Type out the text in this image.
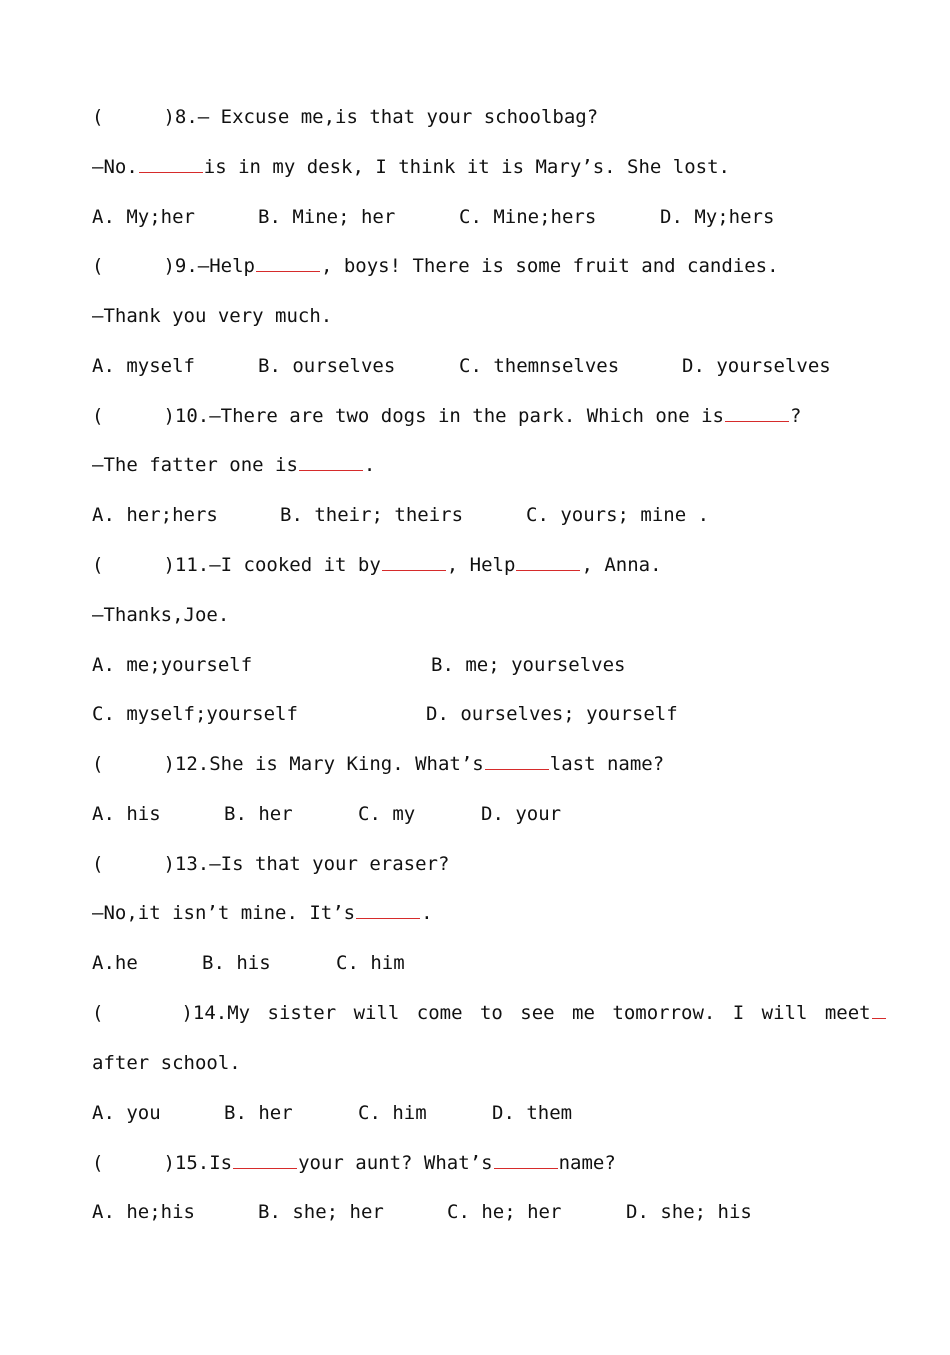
(	)8.— Excuse me,is that your schoolbag?
—No.	is in my desk, I think it is Mary’s. She lost.

A. My;her

	B. Mine; her

	C. Mine;hers

	D. My;hers

(	)9.—Help	, boys! There is some fruit and candies.
—Thank you very much.

A. myself

	B. ourselves

	C. themnselves

	D. yourselves

(	)10.—There are two dogs in the park. Which one is	?
—The fatter one is	.

A. her;hers

	B. their; theirs

	C. yours; mine .

(	)11.—I cooked it by	, Help	, Anna.
—Thanks,Joe.

A. me;yourself

	B. me; yourselves

C. myself;yourself

	D. ourselves; yourself

(	)12.She is Mary King. What’s	last name?

A. his

	B. her

	C. my

	D. your

(	)13.—Is that your eraser?
—No,it isn’t mine. It’s	.

A.he

	B. his

	C. him

(	)14.My sister will come to see me tomorrow. I will meet
after school.

A. you

	B. her

	C. him

	D. them

(	)15.Is	your aunt? What’s	name?

A. he;his

	B. she; her

	C. he; her

	D. she; his
